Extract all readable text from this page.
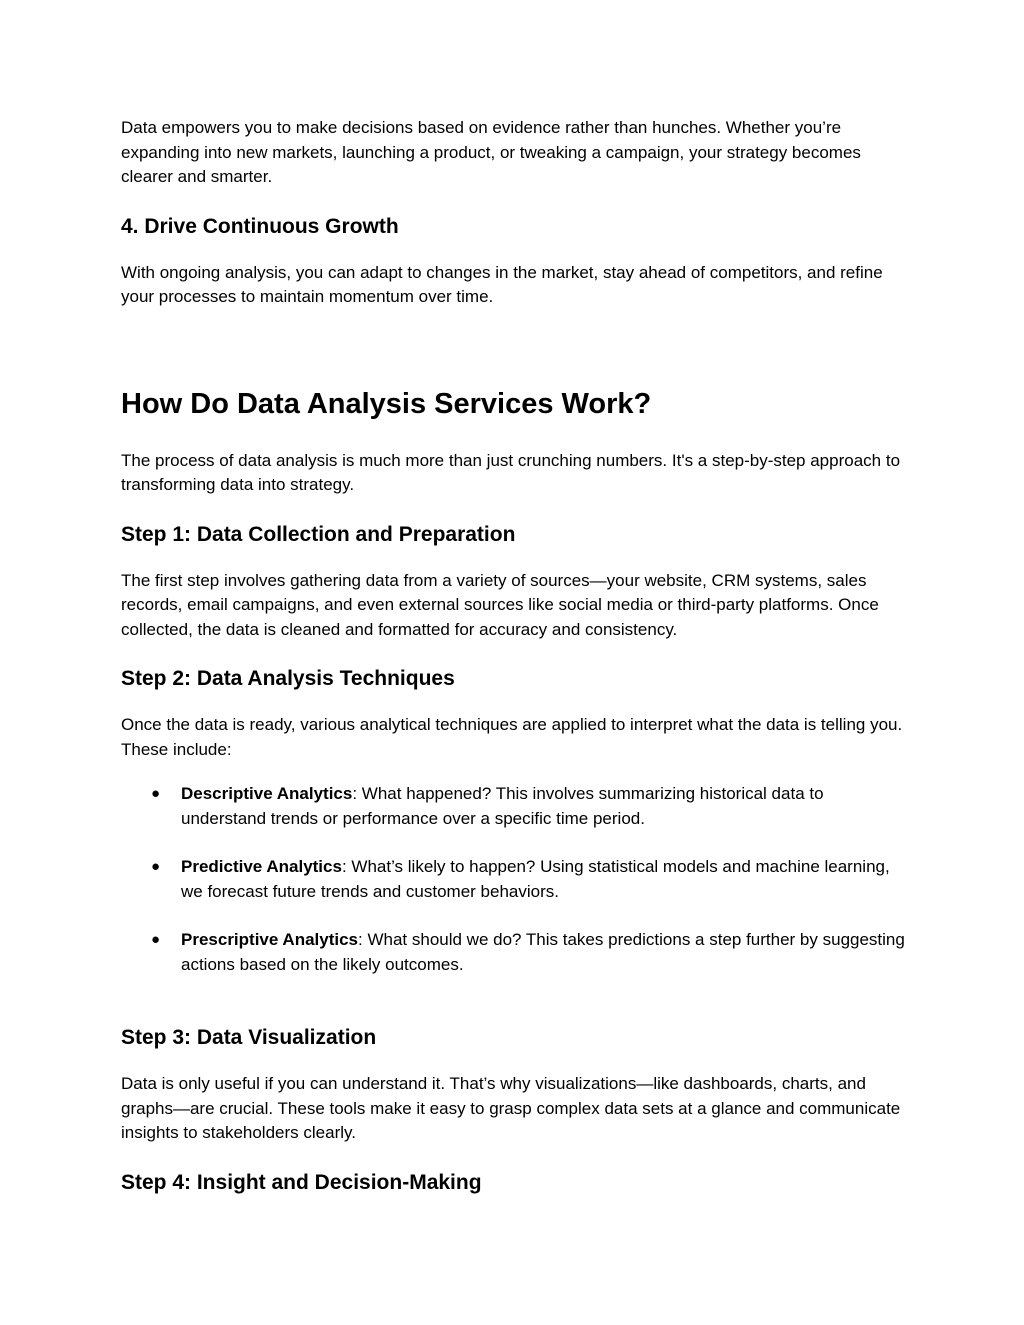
Data empowers you to make decisions based on evidence rather than hunches. Whether you’re expanding into new markets, launching a product, or tweaking a campaign, your strategy becomes clearer and smarter.

4. Drive Continuous Growth

With ongoing analysis, you can adapt to changes in the market, stay ahead of competitors, and refine your processes to maintain momentum over time.

How Do Data Analysis Services Work?

The process of data analysis is much more than just crunching numbers. It's a step-by-step approach to transforming data into strategy.

Step 1: Data Collection and Preparation

The first step involves gathering data from a variety of sources—your website, CRM systems, sales records, email campaigns, and even external sources like social media or third-party platforms. Once collected, the data is cleaned and formatted for accuracy and consistency.

Step 2: Data Analysis Techniques

Once the data is ready, various analytical techniques are applied to interpret what the data is telling you. These include:

● Descriptive Analytics: What happened? This involves summarizing historical data to understand trends or performance over a specific time period.
● Predictive Analytics: What’s likely to happen? Using statistical models and machine learning, we forecast future trends and customer behaviors.
● Prescriptive Analytics: What should we do? This takes predictions a step further by suggesting actions based on the likely outcomes.
Step 3: Data Visualization

Data is only useful if you can understand it. That’s why visualizations—like dashboards, charts, and graphs—are crucial. These tools make it easy to grasp complex data sets at a glance and communicate insights to stakeholders clearly.

Step 4: Insight and Decision-Making
